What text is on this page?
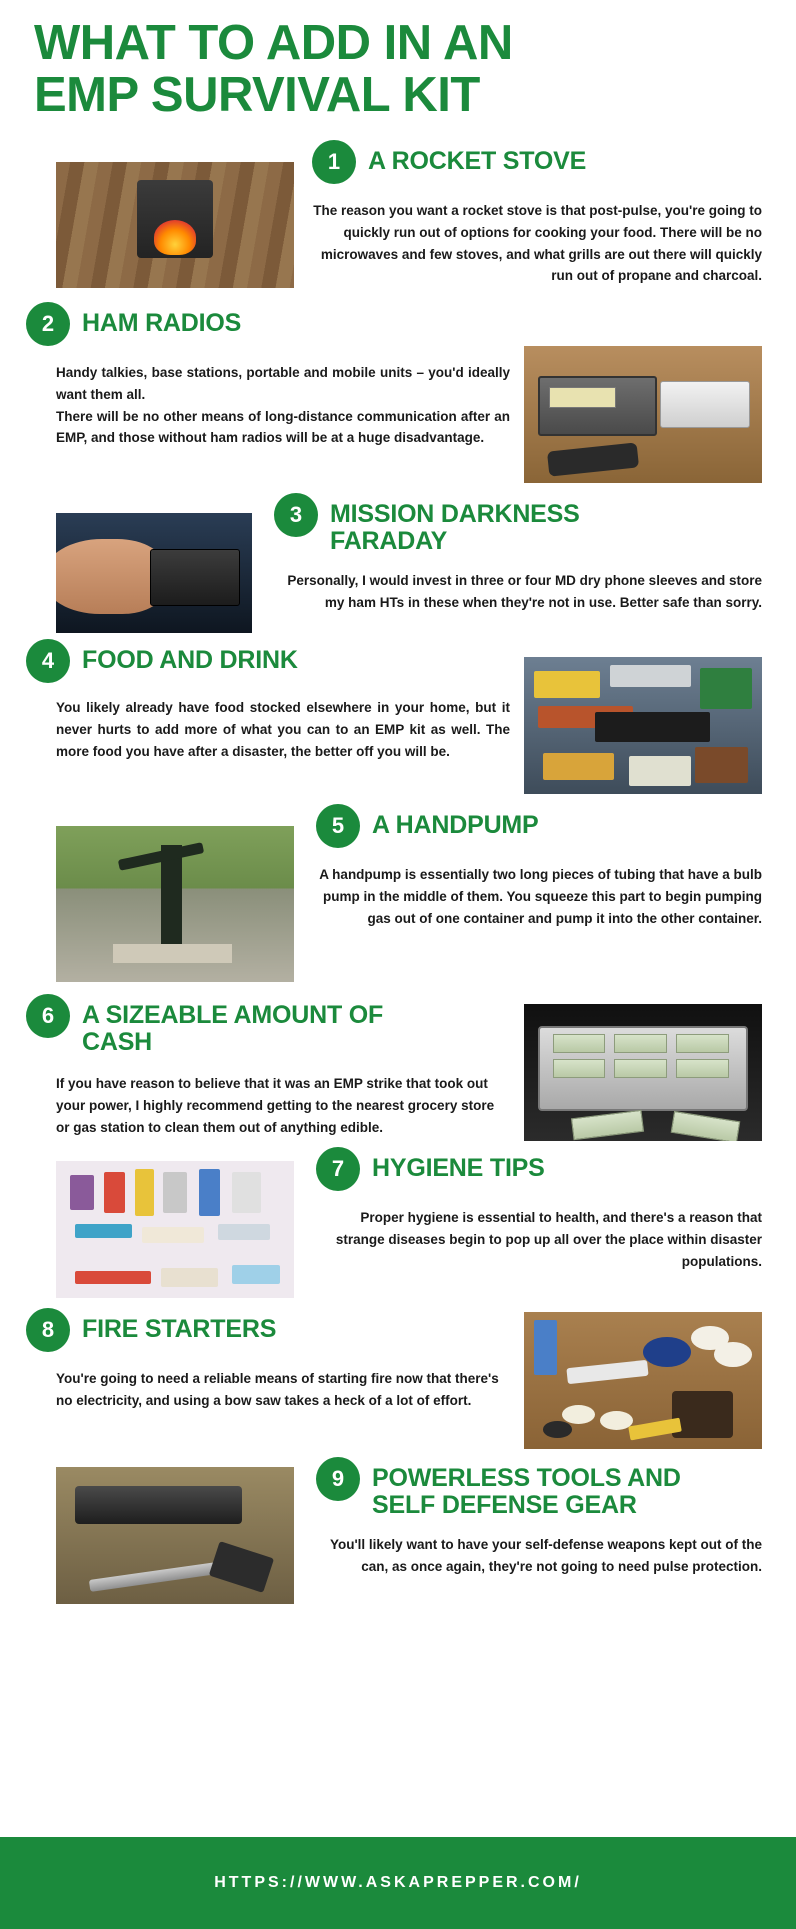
WHAT TO ADD IN AN
EMP SURVIVAL KIT
1	A ROCKET STOVE
The reason you want a rocket stove is that post-pulse, you're going to quickly run out of options for cooking your food. There will be no microwaves and few stoves, and what grills are out there will quickly run out of propane and charcoal.
2	HAM RADIOS
Handy talkies, base stations, portable and mobile units – you'd ideally want them all.
There will be no other means of long-distance communication after an EMP, and those without ham radios will be at a huge disadvantage.
3	MISSION DARKNESS FARADAY
Personally, I would invest in three or four MD dry phone sleeves and store my ham HTs in these when they're not in use. Better safe than sorry.
4	FOOD AND DRINK
You likely already have food stocked elsewhere in your home, but it never hurts to add more of what you can to an EMP kit as well. The more food you have after a disaster, the better off you will be.
5	A HANDPUMP
A handpump is essentially two long pieces of tubing that have a bulb pump in the middle of them. You squeeze this part to begin pumping gas out of one container and pump it into the other container.
6	A SIZEABLE AMOUNT OF CASH
If you have reason to believe that it was an EMP strike that took out your power, I highly recommend getting to the nearest grocery store or gas station to clean them out of anything edible.
7	HYGIENE TIPS
Proper hygiene is essential to health, and there's a reason that strange diseases begin to pop up all over the place within disaster populations.
8	FIRE STARTERS
You're going to need a reliable means of starting fire now that there's no electricity, and using a bow saw takes a heck of a lot of effort.
9	POWERLESS TOOLS AND SELF DEFENSE GEAR
You'll likely want to have your self-defense weapons kept out of the can, as once again, they're not going to need pulse protection.
HTTPS://WWW.ASKAPREPPER.COM/
